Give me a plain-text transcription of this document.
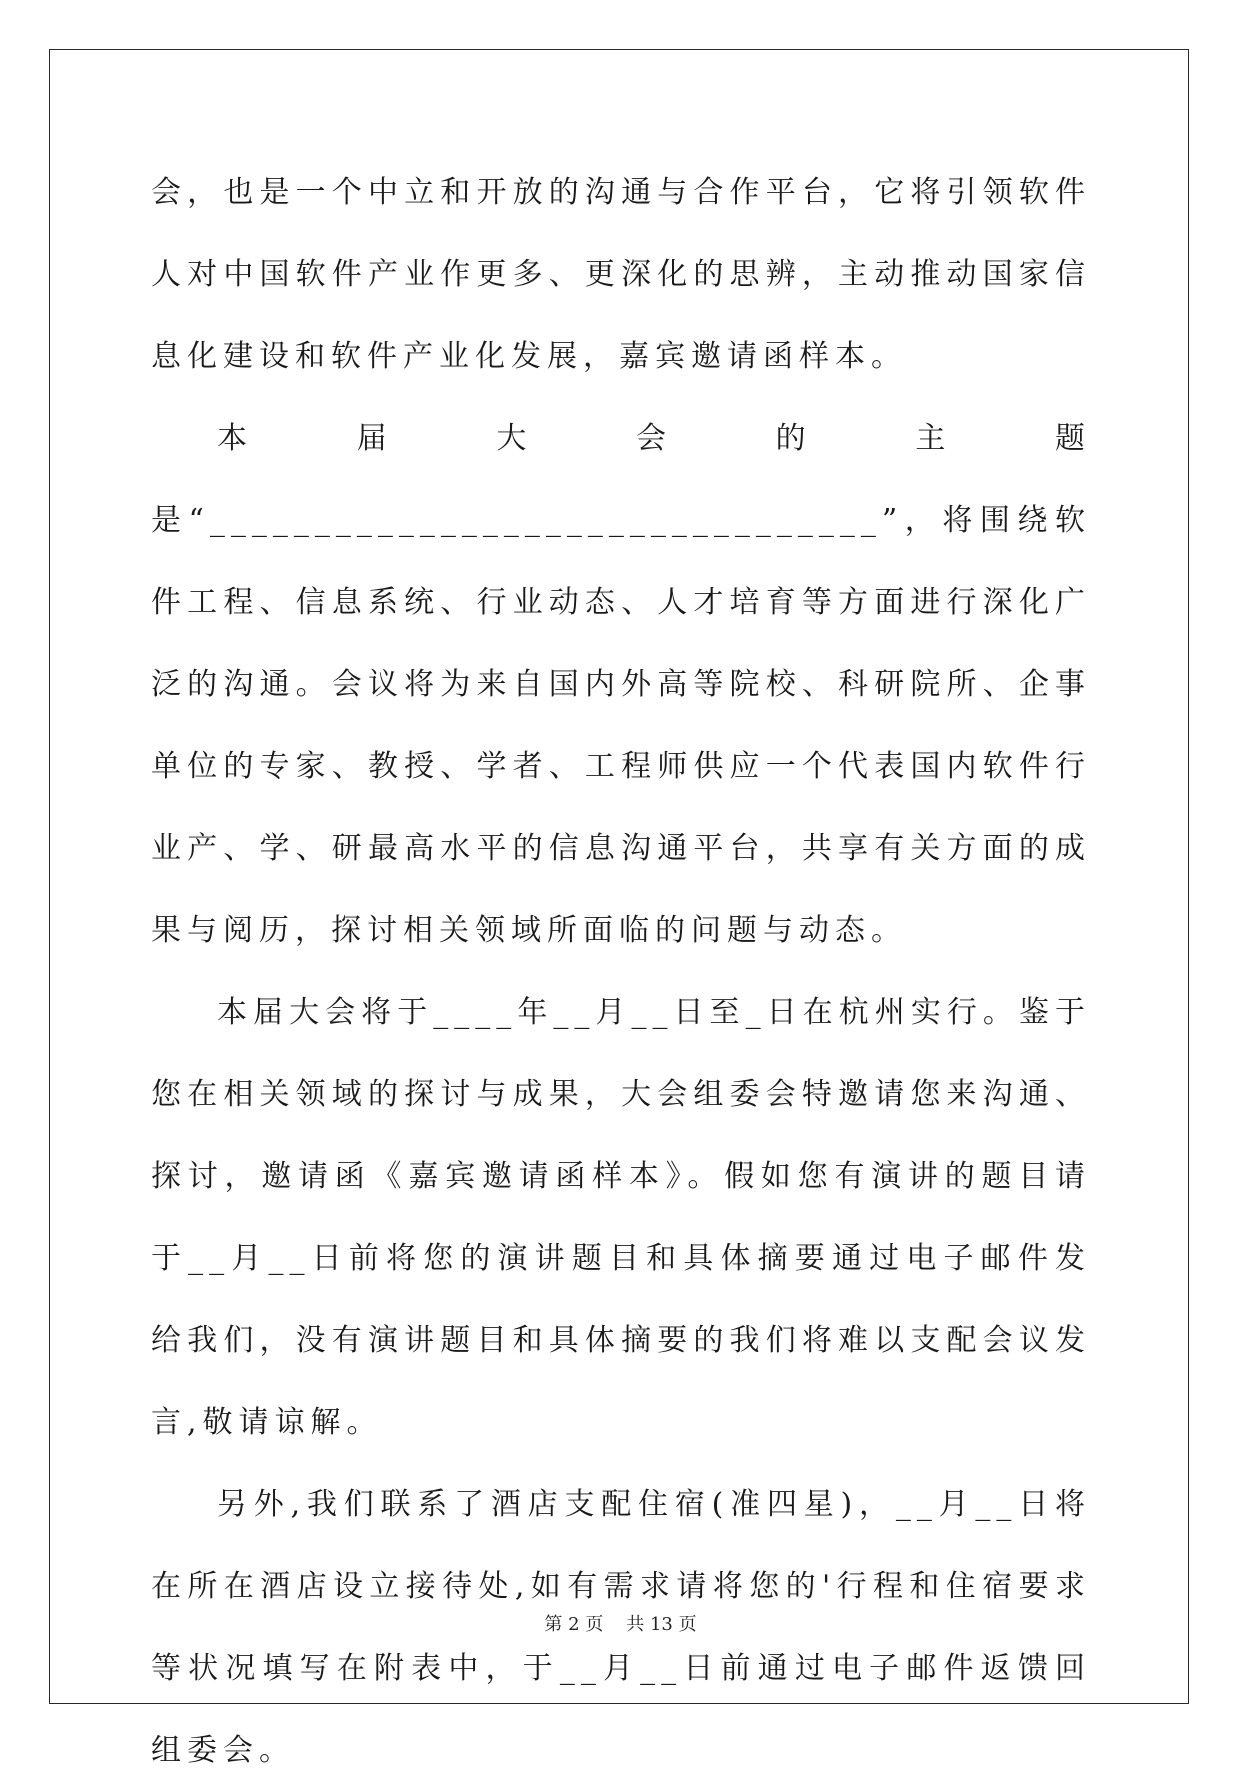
会，也是一个中立和开放的沟通与合作平台，它将引领软件人对中国软件产业作更多、更深化的思辨，主动推动国家信息化建设和软件产业化发展，嘉宾邀请函样本。

本届大会的主题是“________________________________”，将围绕软件工程、信息系统、行业动态、人才培育等方面进行深化广泛的沟通。会议将为来自国内外高等院校、科研院所、企事单位的专家、教授、学者、工程师供应一个代表国内软件行业产、学、研最高水平的信息沟通平台，共享有关方面的成果与阅历，探讨相关领域所面临的问题与动态。

本届大会将于____年__月__日至_日在杭州实行。鉴于您在相关领域的探讨与成果，大会组委会特邀请您来沟通、探讨，邀请函《嘉宾邀请函样本》。假如您有演讲的题目请于__月__日前将您的演讲题目和具体摘要通过电子邮件发给我们，没有演讲题目和具体摘要的我们将难以支配会议发言,敬请谅解。

另外,我们联系了酒店支配住宿(准四星)，__月__日将在所在酒店设立接待处,如有需求请将您的'行程和住宿要求等状况填写在附表中，于__月__日前通过电子邮件返馈回组委会。

第 2 页 共 13 页
